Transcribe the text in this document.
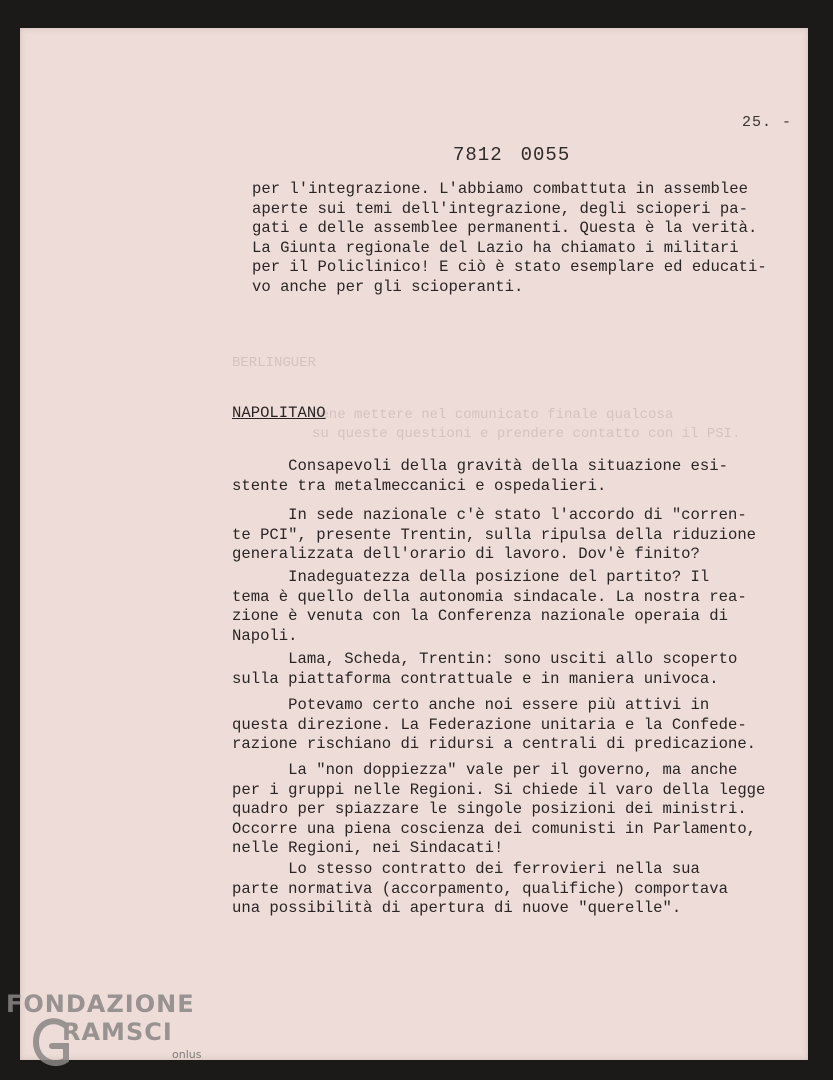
25. -
7812 0055
BERLINGUER
Bene mettere nel comunicato finale qualcosa
su queste questioni e prendere contatto con il PSI.
per l'integrazione. L'abbiamo combattuta in assemblee
aperte sui temi dell'integrazione, degli scioperi pa-
gati e delle assemblee permanenti. Questa è la verità.
La Giunta regionale del Lazio ha chiamato i militari
per il Policlinico! E ciò è stato esemplare ed educati-
vo anche per gli scioperanti.
NAPOLITANO
Consapevoli della gravità della situazione esi-
stente tra metalmeccanici e ospedalieri.
In sede nazionale c'è stato l'accordo di "corren-
te PCI", presente Trentin, sulla ripulsa della riduzione
generalizzata dell'orario di lavoro. Dov'è finito?
Inadeguatezza della posizione del partito? Il
tema è quello della autonomia sindacale. La nostra rea-
zione è venuta con la Conferenza nazionale operaia di
Napoli.
Lama, Scheda, Trentin: sono usciti allo scoperto
sulla piattaforma contrattuale e in maniera univoca.
Potevamo certo anche noi essere più attivi in
questa direzione. La Federazione unitaria e la Confede-
razione rischiano di ridursi a centrali di predicazione.
La "non doppiezza" vale per il governo, ma anche
per i gruppi nelle Regioni. Si chiede il varo della legge
quadro per spiazzare le singole posizioni dei ministri.
Occorre una piena coscienza dei comunisti in Parlamento,
nelle Regioni, nei Sindacati!
Lo stesso contratto dei ferrovieri nella sua
parte normativa (accorpamento, qualifiche) comportava
una possibilità di apertura di nuove "querelle".
FONDAZIONE
RAMSCI
onlus
